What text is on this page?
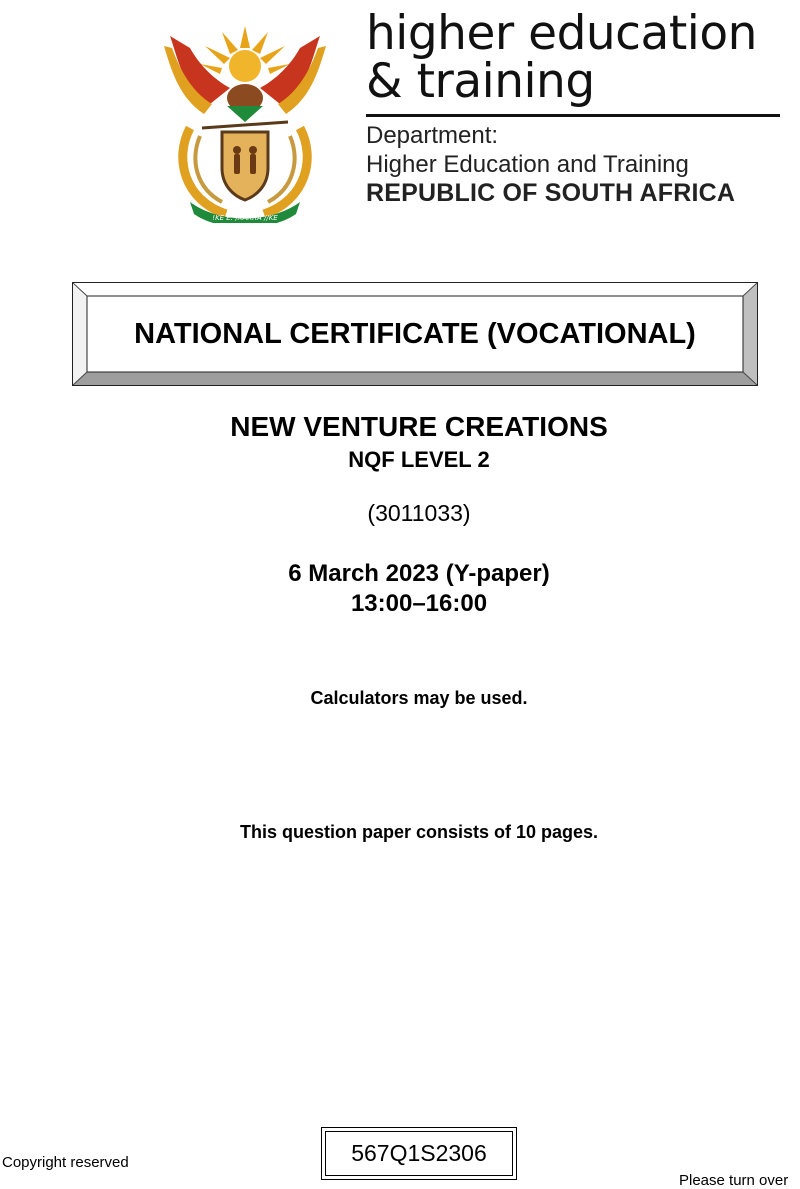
!KE E: /XARRA //KE
higher education
& training
Department:
Higher Education and Training
REPUBLIC OF SOUTH AFRICA
NATIONAL CERTIFICATE (VOCATIONAL)
NEW VENTURE CREATIONS
NQF LEVEL 2
(3011033)
6 March 2023 (Y-paper)
13:00–16:00
Calculators may be used.
This question paper consists of 10 pages.
Copyright reserved	567Q1S2306
Please turn over
